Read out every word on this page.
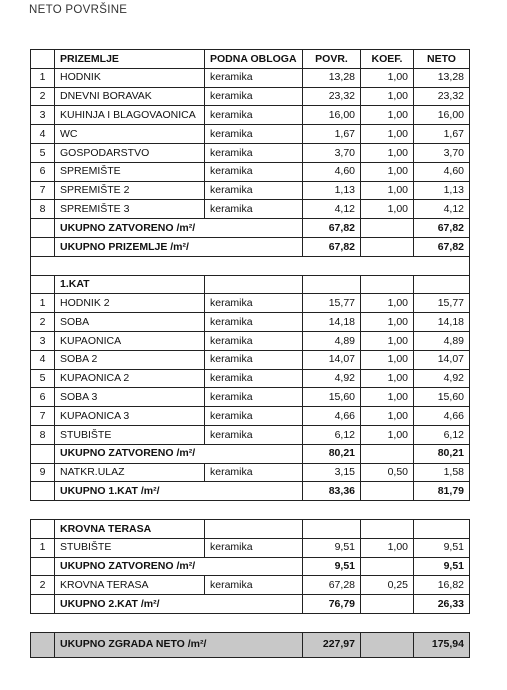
NETO POVRŠINE
	PRIZEMLJE	PODNA OBLOGA	POVR.	KOEF.	NETO
1	HODNIK	keramika	13,28	1,00	13,28
2	DNEVNI BORAVAK	keramika	23,32	1,00	23,32
3	KUHINJA I BLAGOVAONICA	keramika	16,00	1,00	16,00
4	WC	keramika	1,67	1,00	1,67
5	GOSPODARSTVO	keramika	3,70	1,00	3,70
6	SPREMIŠTE	keramika	4,60	1,00	4,60
7	SPREMIŠTE 2	keramika	1,13	1,00	1,13
8	SPREMIŠTE 3	keramika	4,12	1,00	4,12
	UKUPNO ZATVORENO /m²/		67,82		67,82
	UKUPNO PRIZEMLJE /m²/		67,82		67,82

	1.KAT				
1	HODNIK 2	keramika	15,77	1,00	15,77
2	SOBA	keramika	14,18	1,00	14,18
3	KUPAONICA	keramika	4,89	1,00	4,89
4	SOBA 2	keramika	14,07	1,00	14,07
5	KUPAONICA 2	keramika	4,92	1,00	4,92
6	SOBA 3	keramika	15,60	1,00	15,60
7	KUPAONICA 3	keramika	4,66	1,00	4,66
8	STUBIŠTE	keramika	6,12	1,00	6,12
	UKUPNO ZATVORENO /m²/		80,21		80,21
9	NATKR.ULAZ	keramika	3,15	0,50	1,58
	UKUPNO 1.KAT /m²/		83,36		81,79

	KROVNA TERASA				
1	STUBIŠTE	keramika	9,51	1,00	9,51
	UKUPNO ZATVORENO /m²/		9,51		9,51
2	KROVNA TERASA	keramika	67,28	0,25	16,82
	UKUPNO 2.KAT /m²/		76,79		26,33

	UKUPNO ZGRADA NETO /m²/		227,97		175,94
